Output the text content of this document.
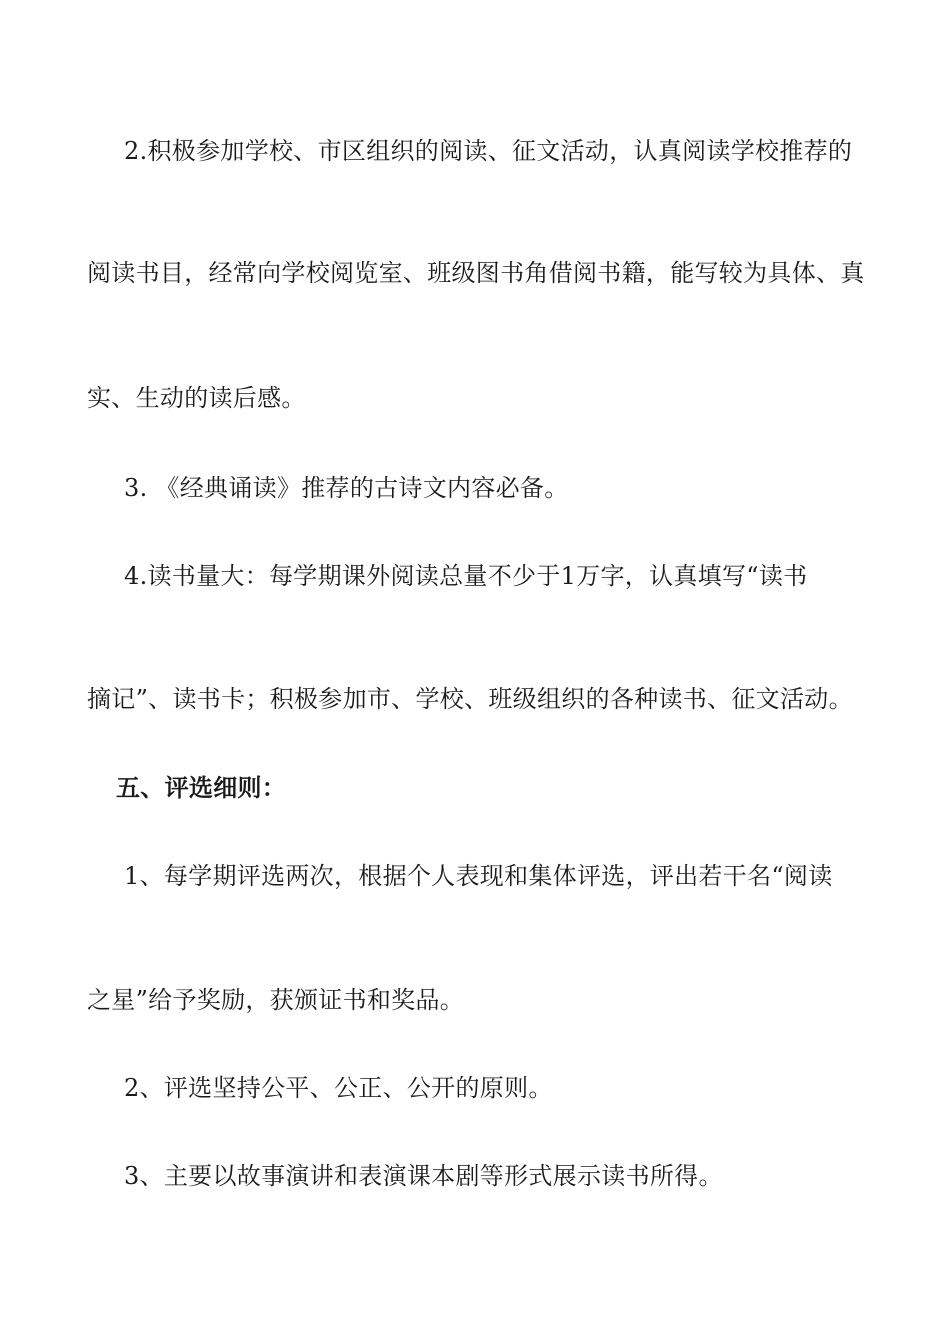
2.积极参加学校、市区组织的阅读、征文活动，认真阅读学校推荐的
阅读书目，经常向学校阅览室、班级图书角借阅书籍，能写较为具体、真
实、生动的读后感。
3. 《经典诵读》推荐的古诗文内容必备。
4.读书量大：每学期课外阅读总量不少于1万字，认真填写“读书
摘记”、读书卡；积极参加市、学校、班级组织的各种读书、征文活动。
五、评选细则：
1、每学期评选两次，根据个人表现和集体评选，评出若干名“阅读
之星”给予奖励，获颁证书和奖品。
2、评选坚持公平、公正、公开的原则。
3、主要以故事演讲和表演课本剧等形式展示读书所得。
